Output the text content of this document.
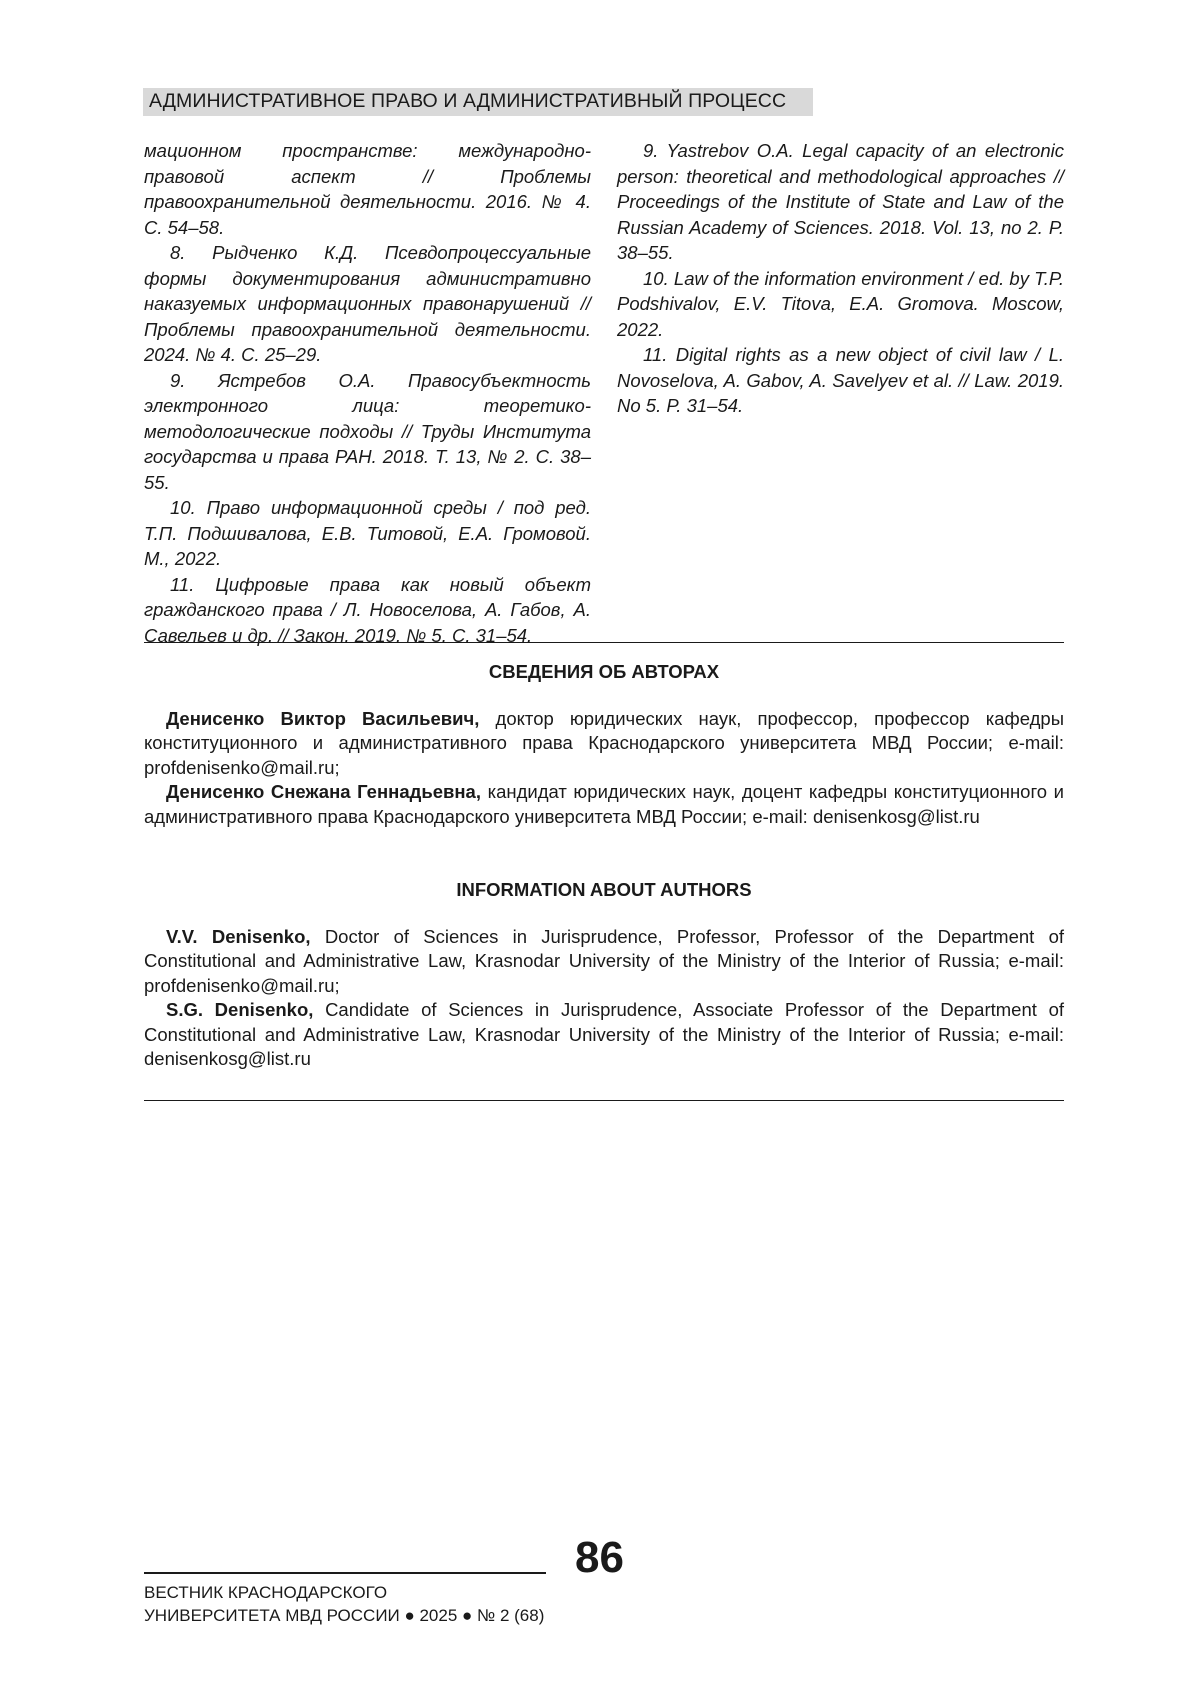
АДМИНИСТРАТИВНОЕ ПРАВО И АДМИНИСТРАТИВНЫЙ ПРОЦЕСС

мационном пространстве: международно-правовой аспект // Проблемы правоохранительной деятельности. 2016. № 4. С. 54–58.

8. Рыдченко К.Д. Псевдопроцессуальные формы документирования административно наказуемых информационных правонарушений // Проблемы правоохранительной деятельности. 2024. № 4. С. 25–29.

9. Ястребов О.А. Правосубъектность электронного лица: теоретико-методологические подходы // Труды Института государства и права РАН. 2018. Т. 13, № 2. С. 38–55.

10. Право информационной среды / под ред. Т.П. Подшивалова, Е.В. Титовой, Е.А. Громовой. М., 2022.

11. Цифровые права как новый объект гражданского права / Л. Новоселова, А. Габов, А. Савельев и др. // Закон. 2019. № 5. С. 31–54.

9. Yastrebov O.A. Legal capacity of an electronic person: theoretical and methodological approaches // Proceedings of the Institute of State and Law of the Russian Academy of Sciences. 2018. Vol. 13, no 2. P. 38–55.

10. Law of the information environment / ed. by T.P. Podshivalov, E.V. Titova, E.A. Gromova. Moscow, 2022.

11. Digital rights as a new object of civil law / L. Novoselova, A. Gabov, A. Savelyev et al. // Law. 2019. No 5. P. 31–54.

СВЕДЕНИЯ ОБ АВТОРАХ

Денисенко Виктор Васильевич, доктор юридических наук, профессор, профессор кафедры конституционного и административного права Краснодарского университета МВД России; e-mail: profdenisenko@mail.ru;

Денисенко Снежана Геннадьевна, кандидат юридических наук, доцент кафедры конституционного и административного права Краснодарского университета МВД России; e-mail: denisenkosg@list.ru

INFORMATION ABOUT AUTHORS

V.V. Denisenko, Doctor of Sciences in Jurisprudence, Professor, Professor of the Department of Constitutional and Administrative Law, Krasnodar University of the Ministry of the Interior of Russia; e-mail: profdenisenko@mail.ru;

S.G. Denisenko, Candidate of Sciences in Jurisprudence, Associate Professor of the Department of Constitutional and Administrative Law, Krasnodar University of the Ministry of the Interior of Russia; e-mail: denisenkosg@list.ru

86
ВЕСТНИК КРАСНОДАРСКОГО
УНИВЕРСИТЕТА МВД РОССИИ ● 2025 ● № 2 (68)
